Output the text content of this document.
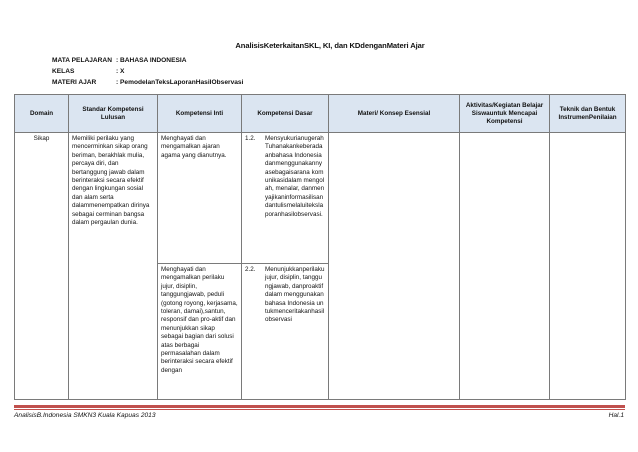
AnalisisKeterkaitanSKL, KI, dan KDdenganMateri Ajar
MATA PELAJARAN : BAHASA INDONESIA
KELAS	: X
MATERI AJAR	: PemodelanTeksLaporanHasilObservasi
Domain	Standar Kompetensi Lulusan	Kompetensi Inti	Kompetensi Dasar	Materi/ Konsep Esensial	Aktivitas/Kegiatan Belajar Siswauntuk Mencapai Kompetensi	Teknik dan Bentuk InstrumenPenilaian

Sikap	Memiliki perilaku yang mencerminkan sikap orang beriman, berakhlak mulia, percaya diri, dan bertanggung jawab dalam berinteraksi secara efektif dengan lingkungan sosial dan alam serta dalammenempatkan dirinya sebagai cerminan bangsa dalam pergaulan dunia.	Menghayati dan mengamalkan ajaran agama yang dianutnya.	1.2. MensyukurianugerahTuhanakankeberadaanbahasa Indonesia danmenggunakannyasebagaisarana komunikasidalam mengolah, menalar, danmenyajikaninformasilisandantulismelaluitekslaporanhasilobservasi.			

		Menghayati dan mengamalkan perilaku jujur, disiplin, tanggungjawab, peduli (gotong royong, kerjasama, toleran, damai),santun, responsif dan pro-aktif dan menunjukkan sikap sebagai bagian dari solusi atas berbagai permasalahan dalam berinteraksi secara efektif dengan	2.2. Menunjukkanperilakujujur, disiplin, tanggungjawab, danproaktifdalam menggunakanbahasa Indonesia untukmenceritakanhasilobservasi			
AnalisisB.Indonesia SMKN3 Kuala Kapuas 2013	Hal.1
